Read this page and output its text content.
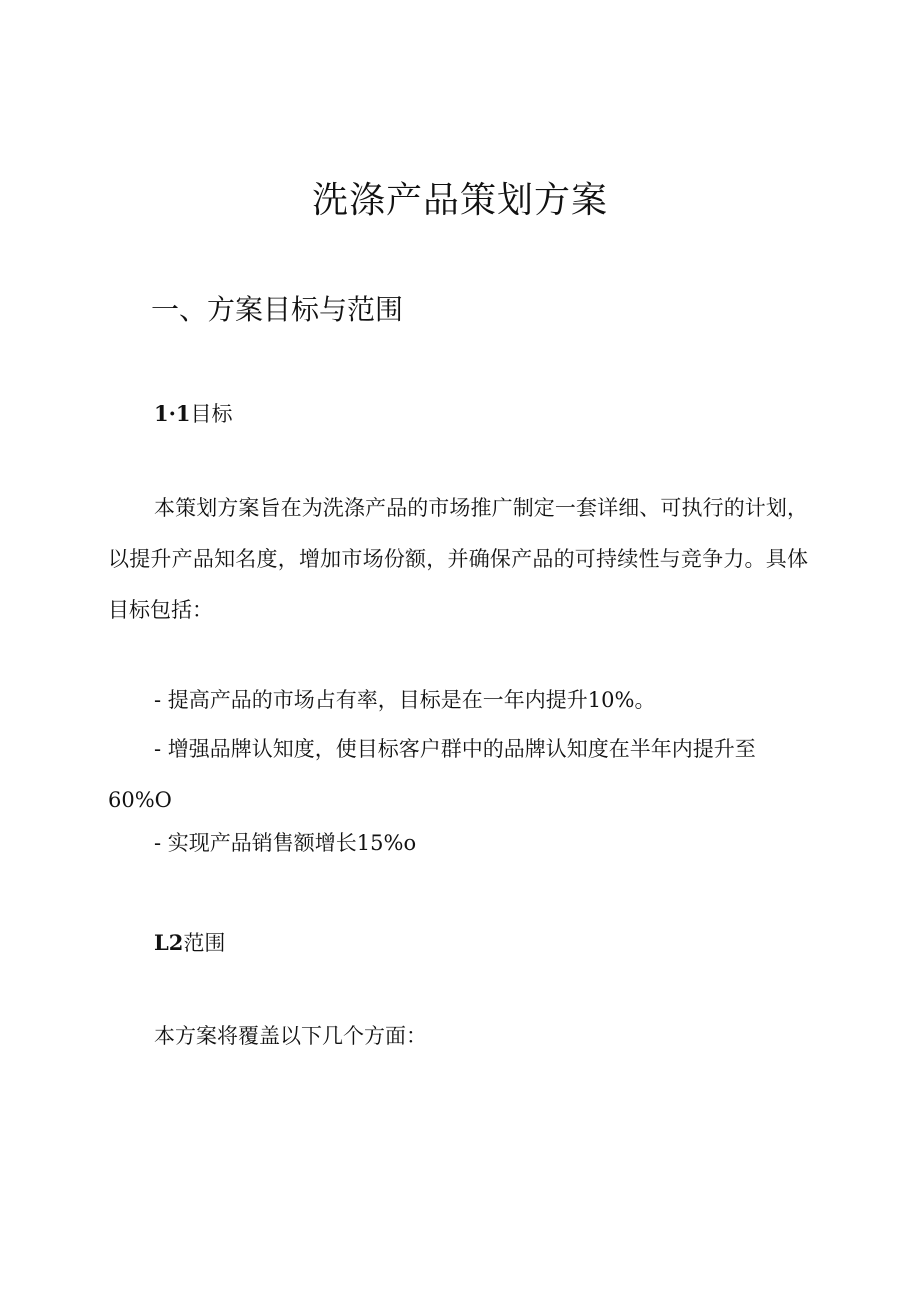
洗涤产品策划方案
一、方案目标与范围
1·1目标

本策划方案旨在为洗涤产品的市场推广制定一套详细、可执行的计划，以提升产品知名度，增加市场份额，并确保产品的可持续性与竞争力。具体目标包括：

- 提高产品的市场占有率，目标是在一年内提升10%。

- 增强品牌认知度，使目标客户群中的品牌认知度在半年内提升至60%O

- 实现产品销售额增长15%o

L2范围

本方案将覆盖以下几个方面：
